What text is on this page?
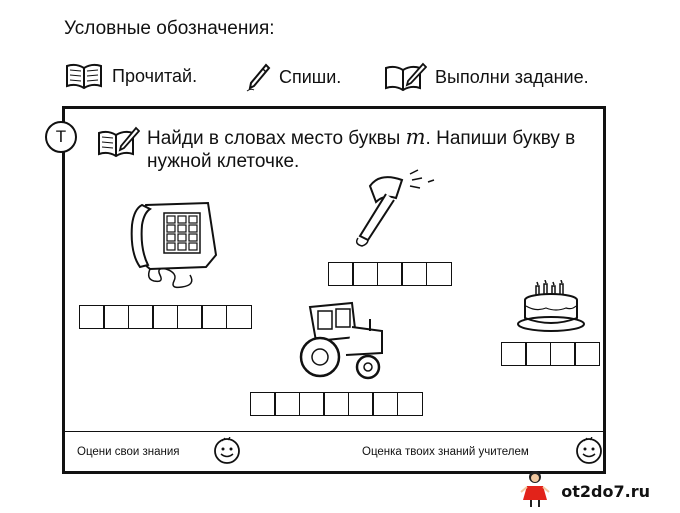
Условные обозначения:
Прочитай.	Спиши.	Выполни задание.
Т	Найди в словах место буквы т. Напиши букву в нужной клеточке.
Оцени свои знания	Оценка твоих знаний учителем
ot2do7.ru
